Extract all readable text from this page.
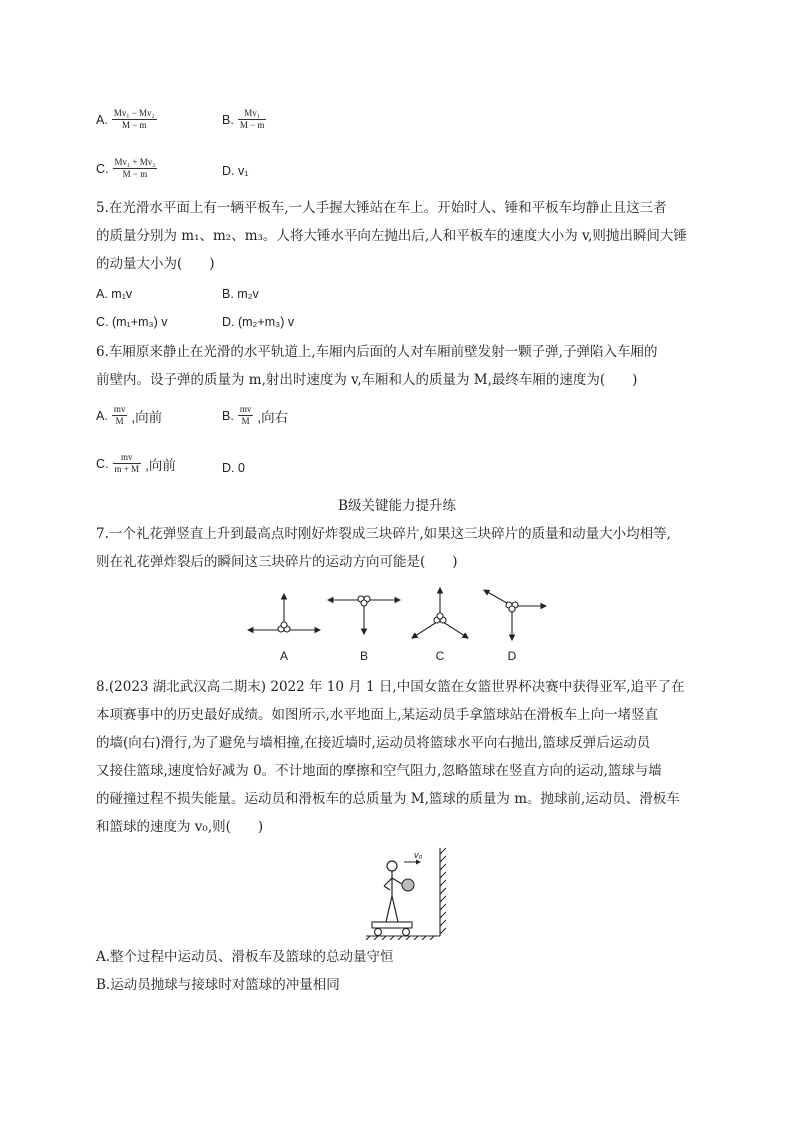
A. $\frac{\text{Mv₁ − Mv₂}}{M - m}$	B. $\frac{\text{Mv₁}}{M - m}$
C. $\frac{\text{Mv₁ + Mv₂}}{M - m}$	D. v₁
5.在光滑水平面上有一辆平板车,一人手握大锤站在车上。开始时人、锤和平板车均静止且这三者
的质量分别为 m₁、m₂、m₃。人将大锤水平向左抛出后,人和平板车的速度大小为 v,则抛出瞬间大锤
的动量大小为(　　)
A. m₁v	B. m₂v
C. (m₁+m₃) v	D. (m₂+m₃) v
6.车厢原来静止在光滑的水平轨道上,车厢内后面的人对车厢前壁发射一颗子弹,子弹陷入车厢的
前壁内。设子弹的质量为 m,射出时速度为 v,车厢和人的质量为 M,最终车厢的速度为(　　)
A. $\frac{mv}{M}$ ,向前	B. $\frac{mv}{M}$ ,向右
C. $\frac{mv}{m + M}$ ,向前	D. 0
B级关键能力提升练
7.一个礼花弹竖直上升到最高点时刚好炸裂成三块碎片,如果这三块碎片的质量和动量大小均相等,
则在礼花弹炸裂后的瞬间这三块碎片的运动方向可能是(　　)
A	B	C	D
8.(2023 湖北武汉高二期末) 2022 年 10 月 1 日,中国女篮在女篮世界杯决赛中获得亚军,追平了在
本项赛事中的历史最好成绩。如图所示,水平地面上,某运动员手拿篮球站在滑板车上向一堵竖直
的墙(向右)滑行,为了避免与墙相撞,在接近墙时,运动员将篮球水平向右抛出,篮球反弹后运动员
又接住篮球,速度恰好减为 0。不计地面的摩擦和空气阻力,忽略篮球在竖直方向的运动,篮球与墙
的碰撞过程不损失能量。运动员和滑板车的总质量为 M,篮球的质量为 m。抛球前,运动员、滑板车
和篮球的速度为 v₀,则(　　)
v₀
A.整个过程中运动员、滑板车及篮球的总动量守恒
B.运动员抛球与接球时对篮球的冲量相同
